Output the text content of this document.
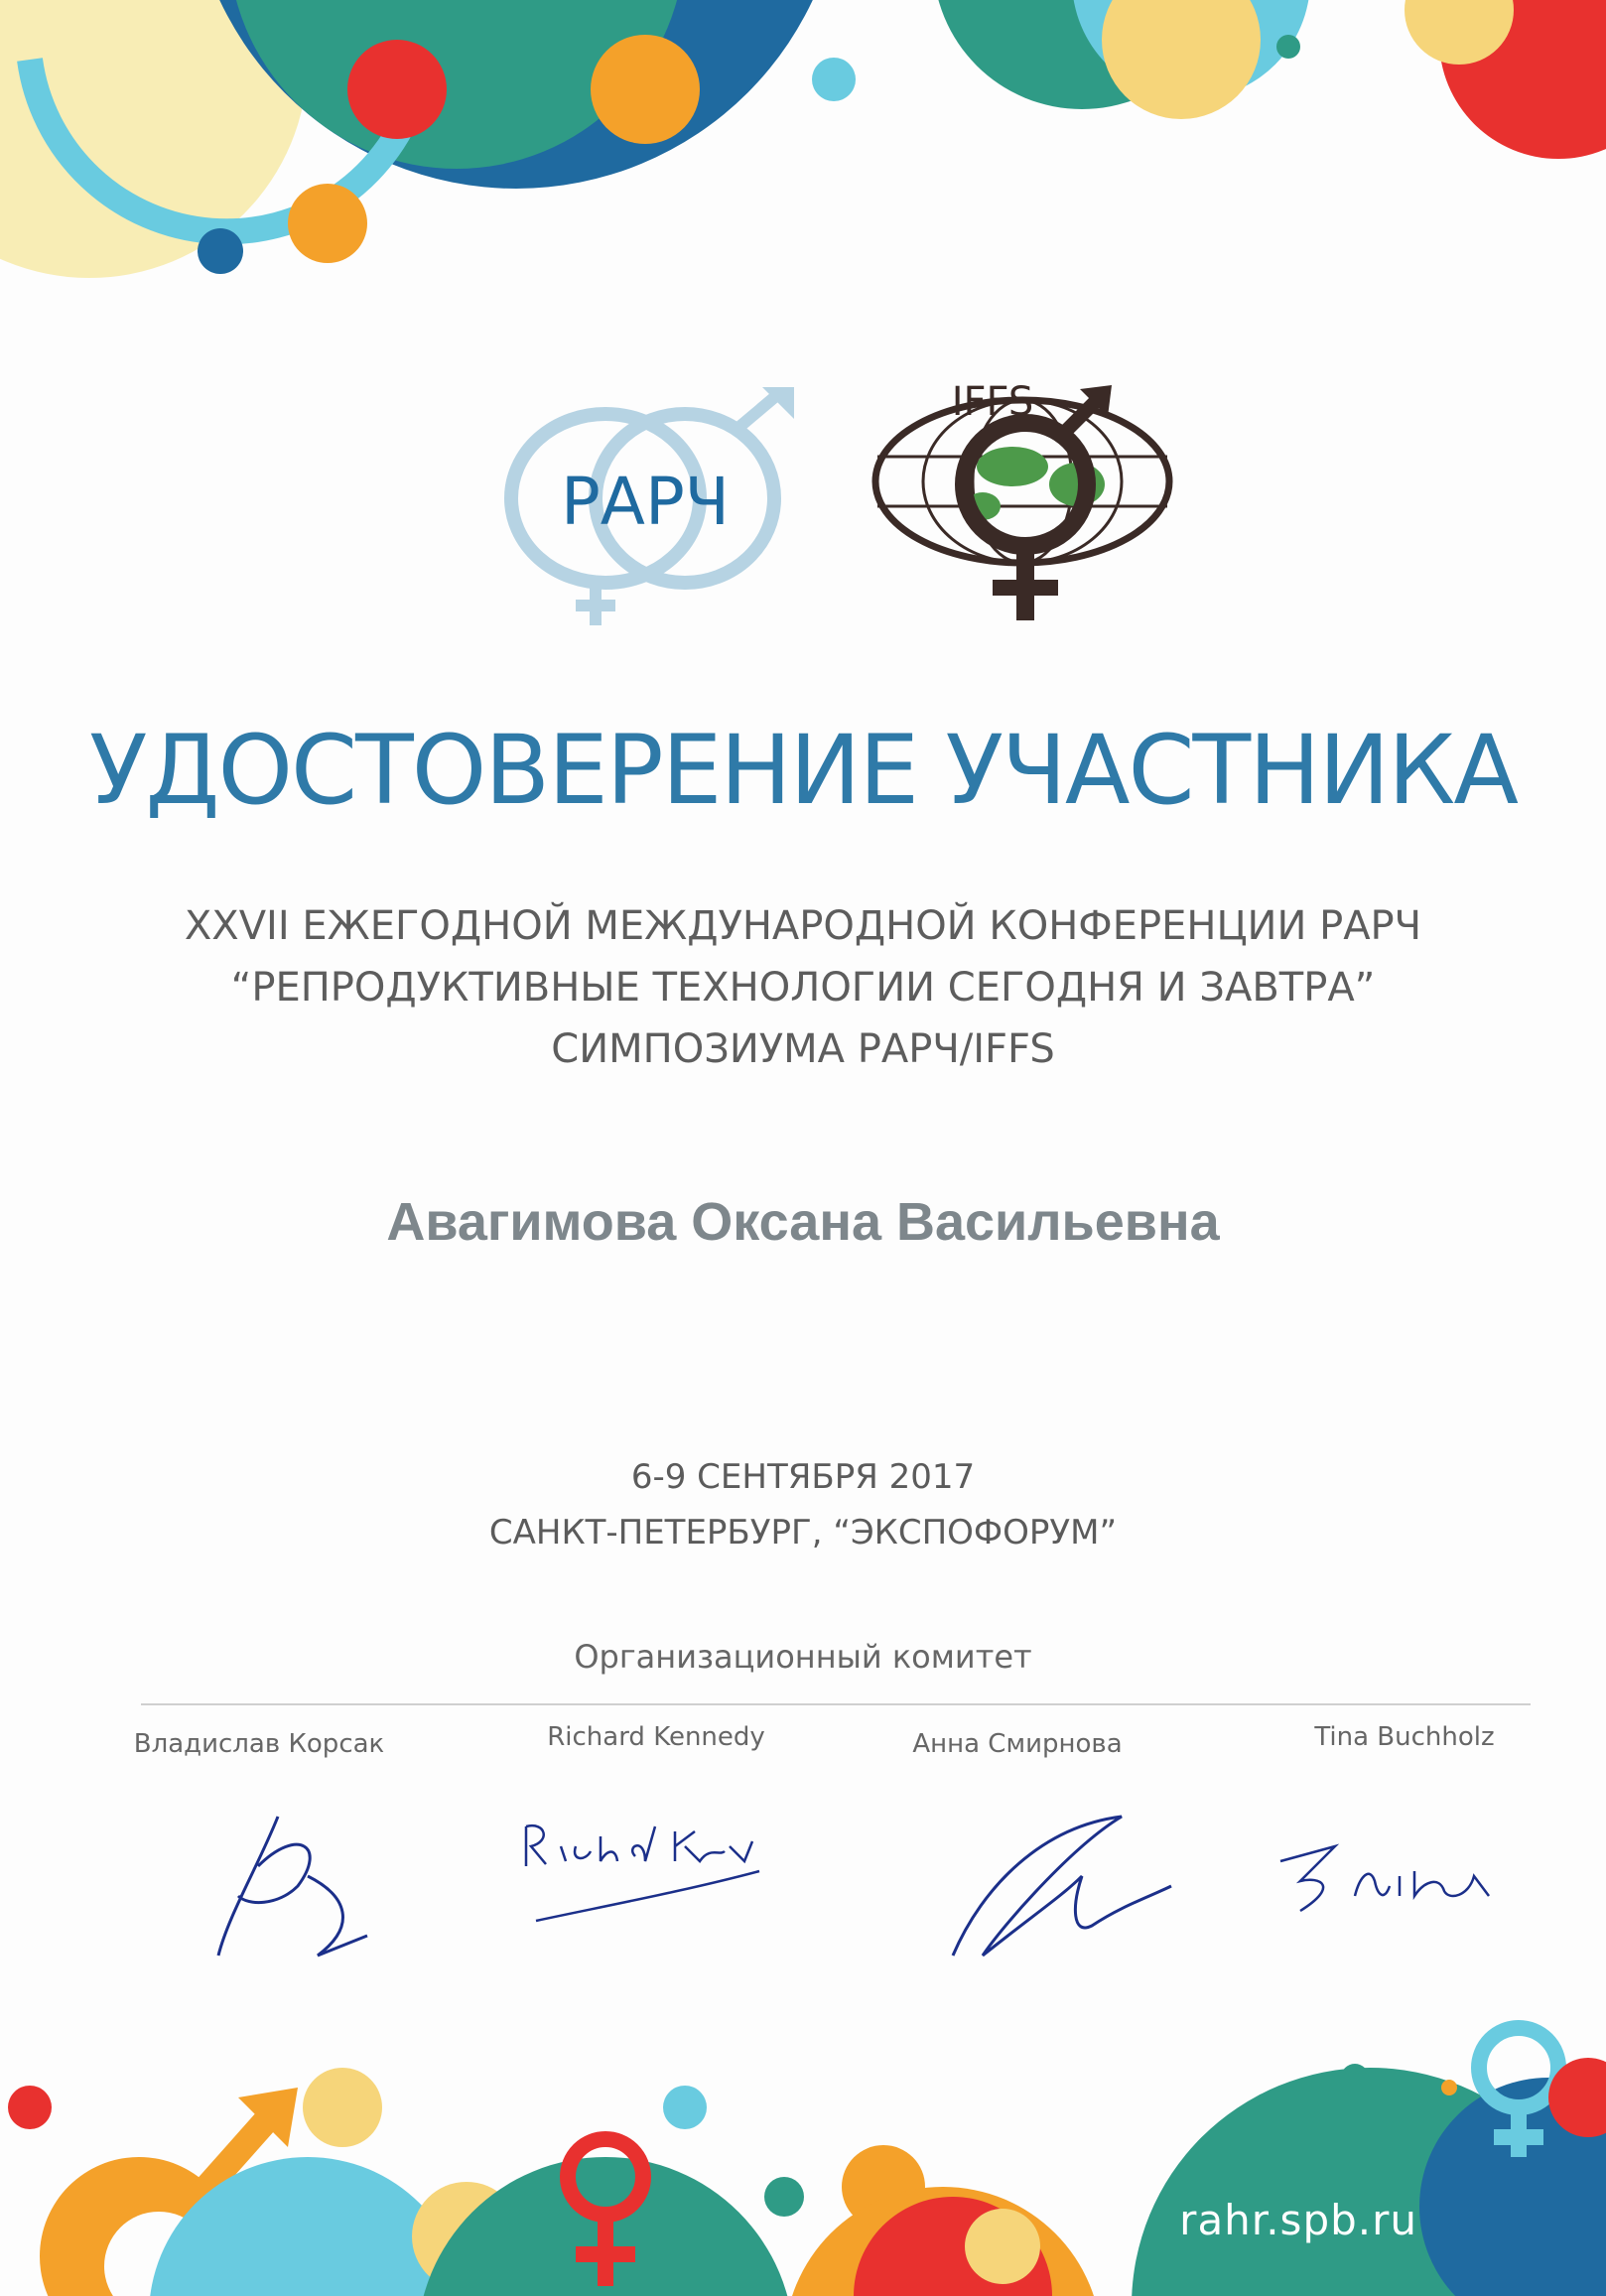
РАРЧ
IFFS
УДОСТОВЕРЕНИЕ УЧАСТНИКА
XXVII ЕЖЕГОДНОЙ МЕЖДУНАРОДНОЙ КОНФЕРЕНЦИИ РАРЧ
“РЕПРОДУКТИВНЫЕ ТЕХНОЛОГИИ СЕГОДНЯ И ЗАВТРА”
СИМПОЗИУМА РАРЧ/IFFS
Авагимова Оксана Васильевна
6-9 СЕНТЯБРЯ 2017
САНКТ-ПЕТЕРБУРГ, “ЭКСПОФОРУМ”
Организационный комитет
Владислав Корсак	Richard Kennedy	Анна Смирнова	Tina Buchholz
rahr.spb.ru
